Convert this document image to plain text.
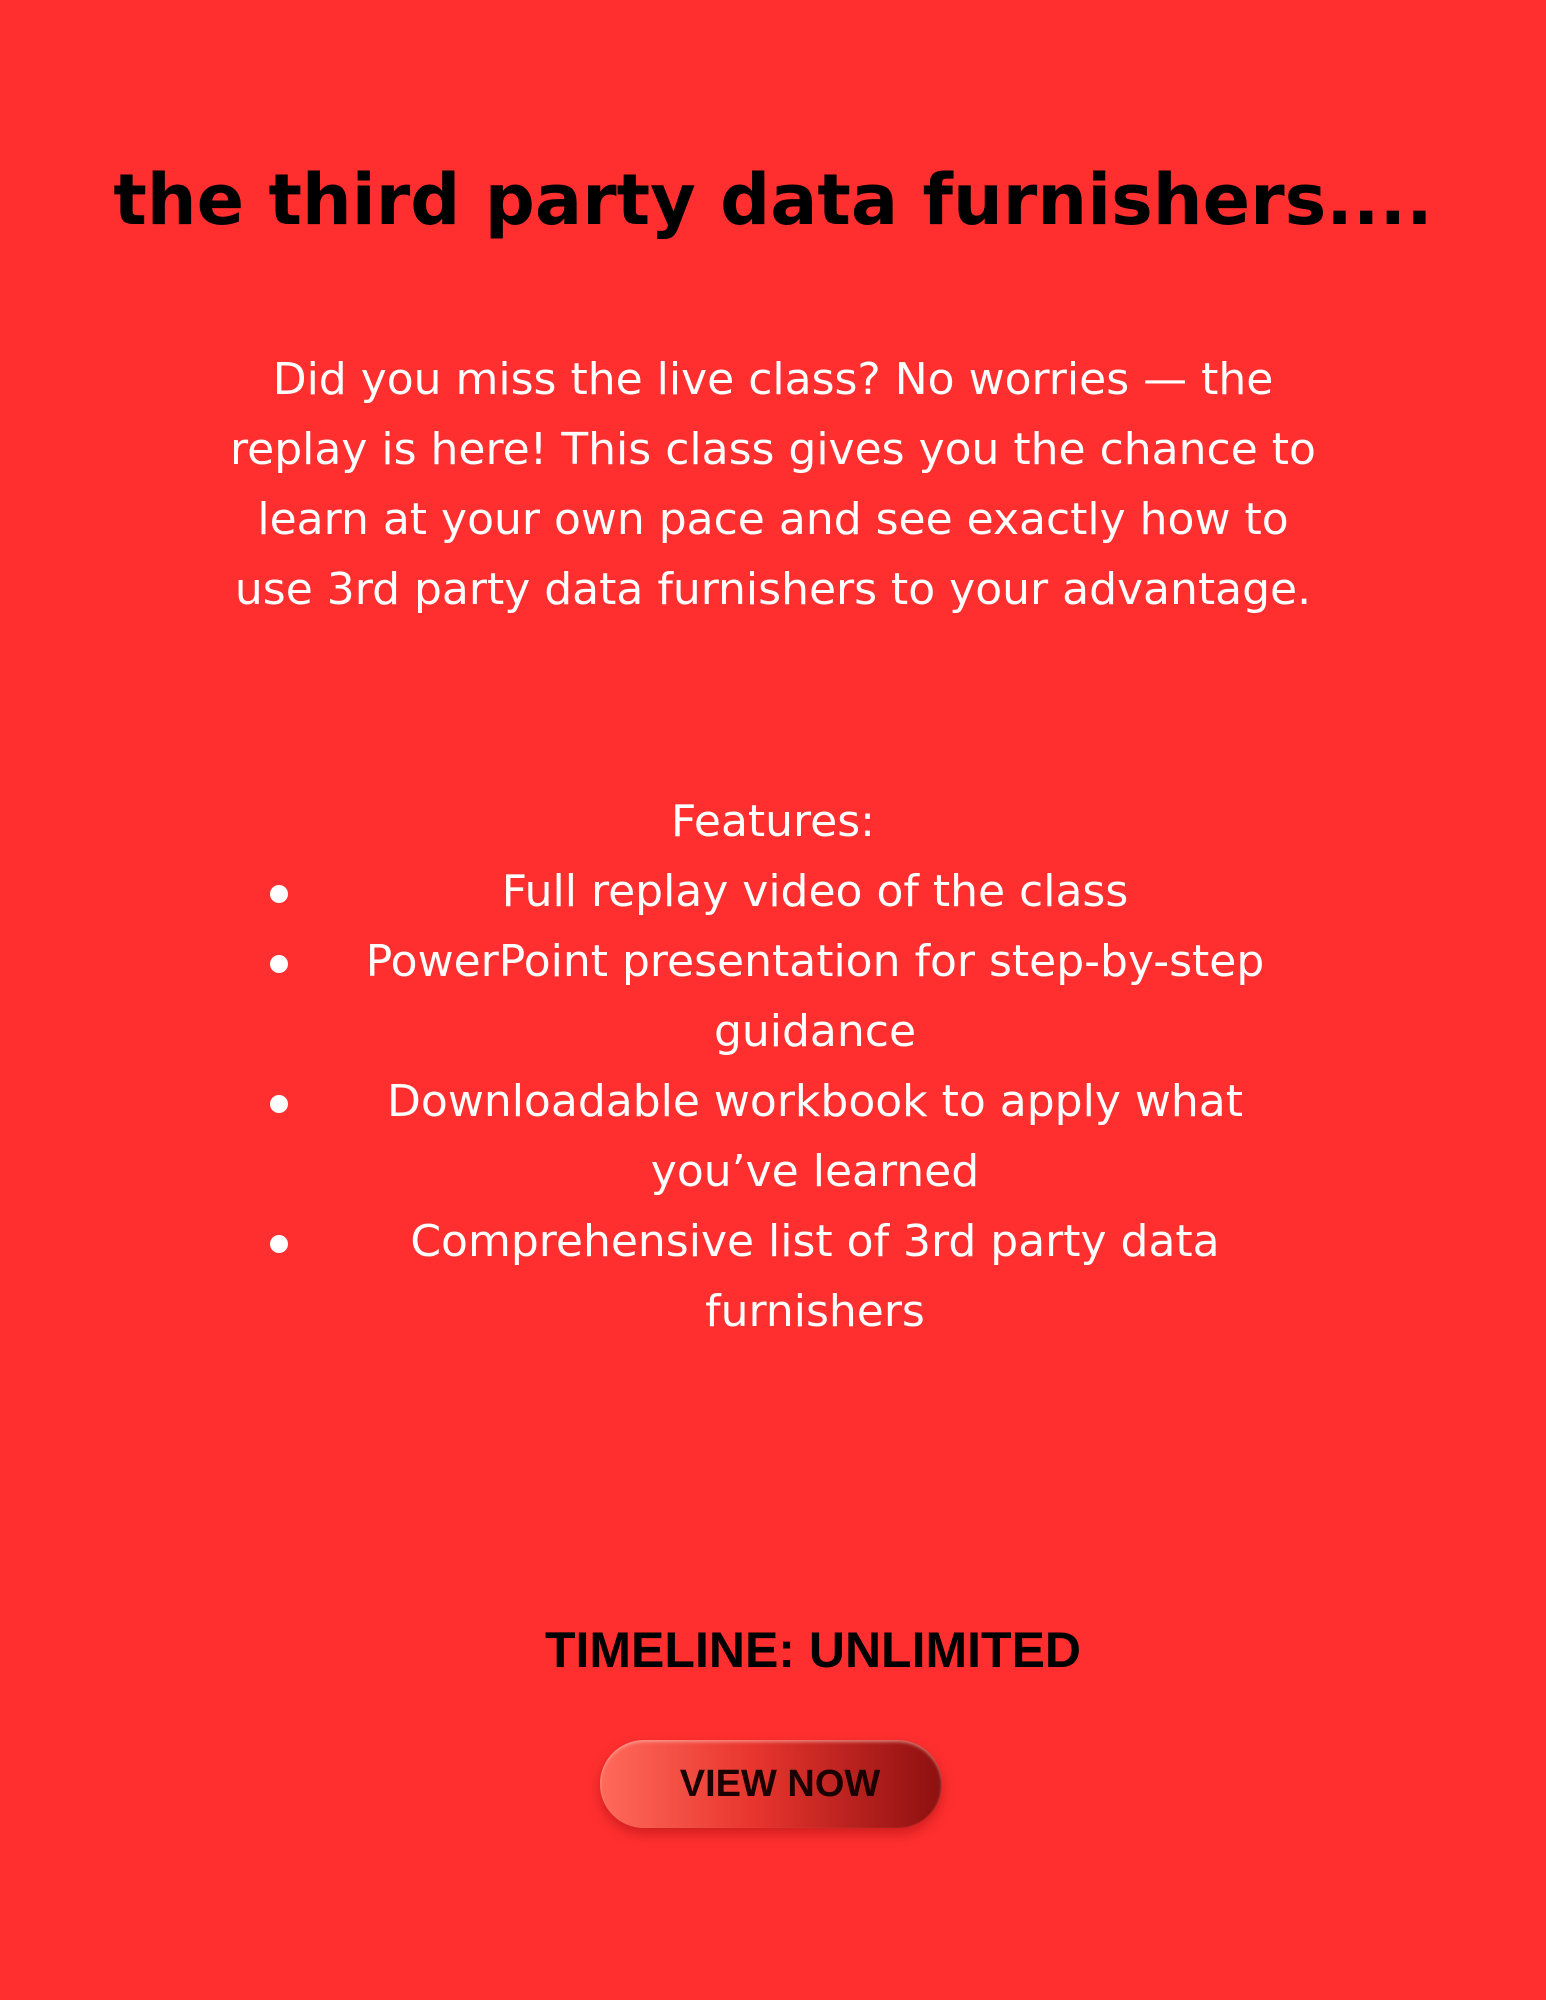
the third party data furnishers....

Did you miss the live class? No worries — the replay is here! This class gives you the chance to learn at your own pace and see exactly how to use 3rd party data furnishers to your advantage.

Features:

Full replay video of the class
PowerPoint presentation for step-by-step guidance
Downloadable workbook to apply what you’ve learned
Comprehensive list of 3rd party data furnishers

TIMELINE: UNLIMITED

VIEW NOW
